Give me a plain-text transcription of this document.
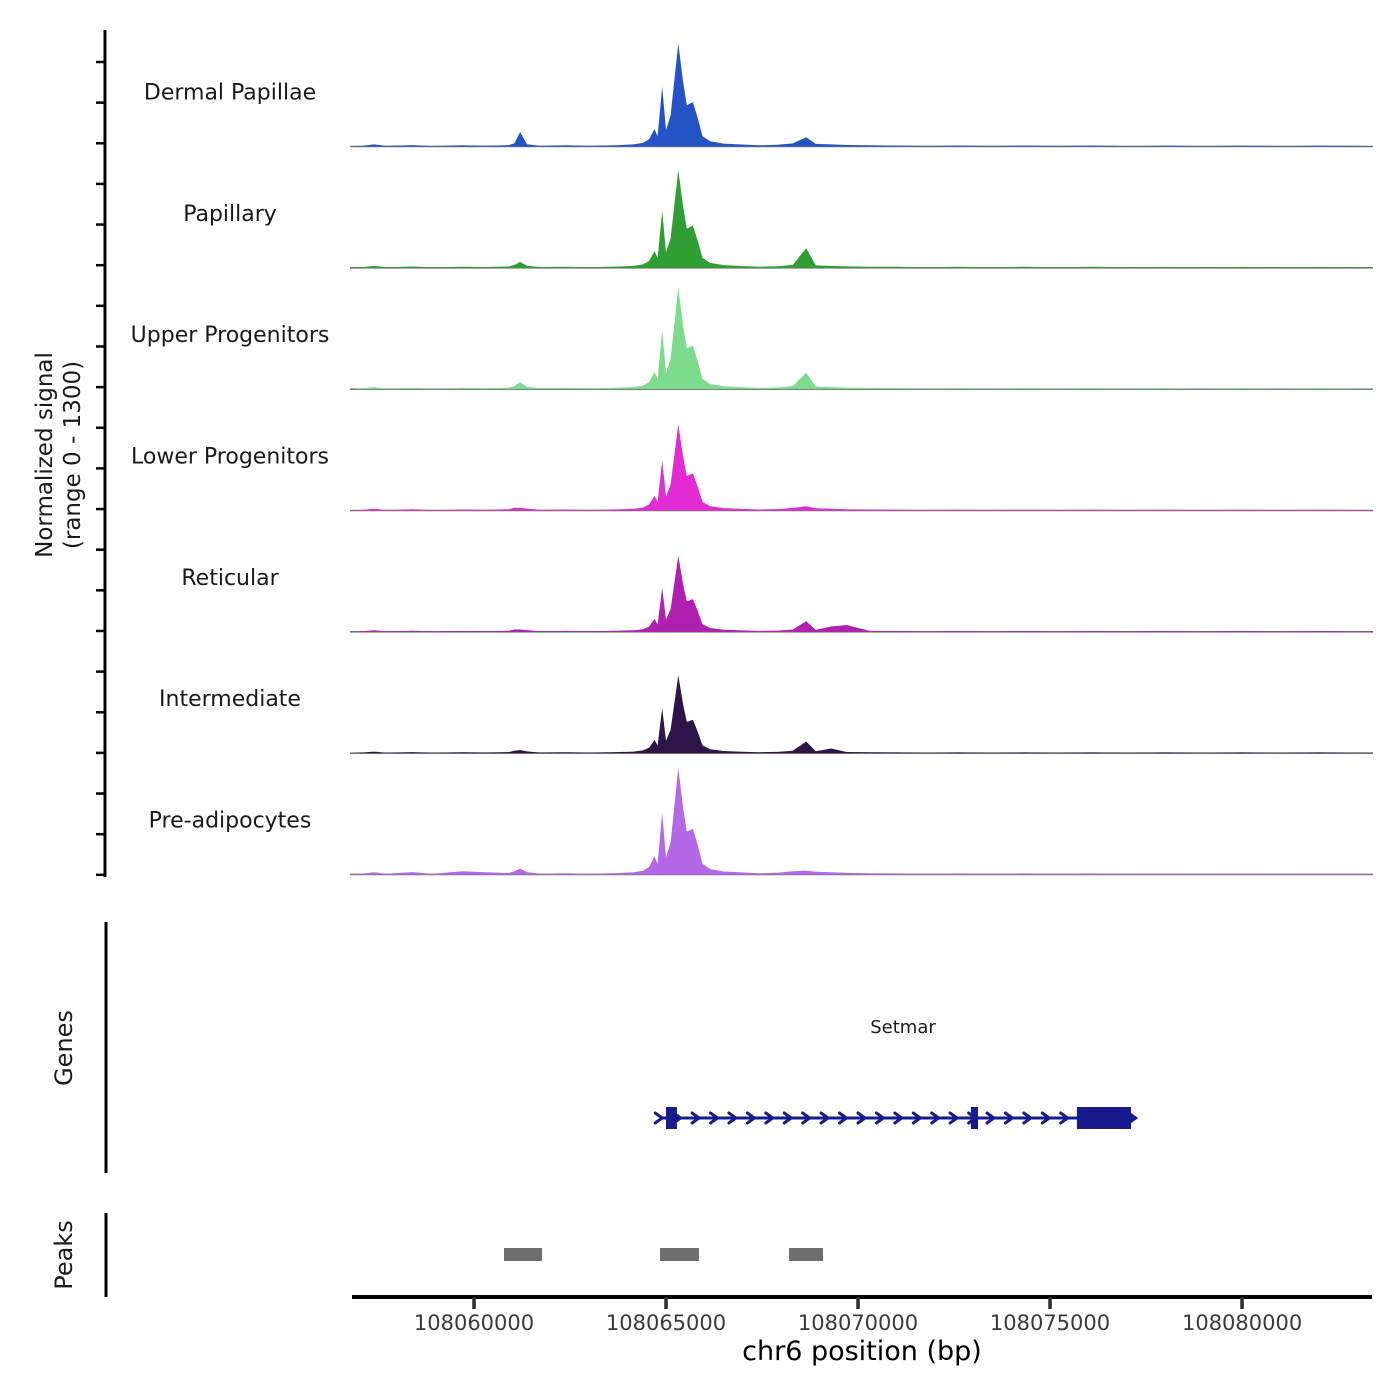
Dermal Papillae
Papillary
Upper Progenitors
Lower Progenitors
Reticular
Intermediate
Pre-adipocytes
Normalized signal (range 0 - 1300)
Genes
Peaks
Setmar
108060000	108065000	108070000	108075000	108080000
chr6 position (bp)
